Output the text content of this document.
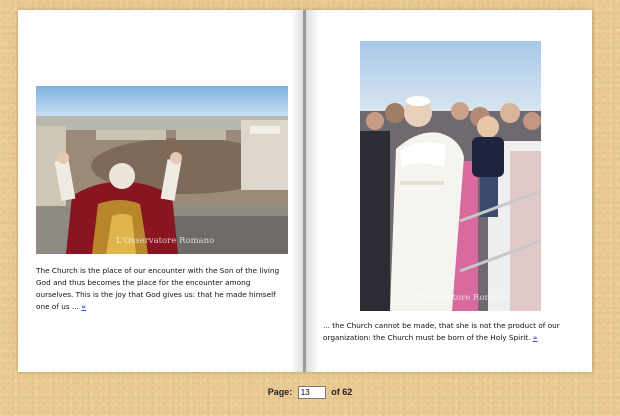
L'Osservatore Romano
The Church is the place of our encounter with the Son of the living God and thus becomes the place for the encounter among ourselves. This is the joy that God gives us: that he made himself one of us ... »
L'Osservatore Romano
... the Church cannot be made, that she is not the product of our organization: the Church must be born of the Holy Spirit. »
Page: 13	of 62
